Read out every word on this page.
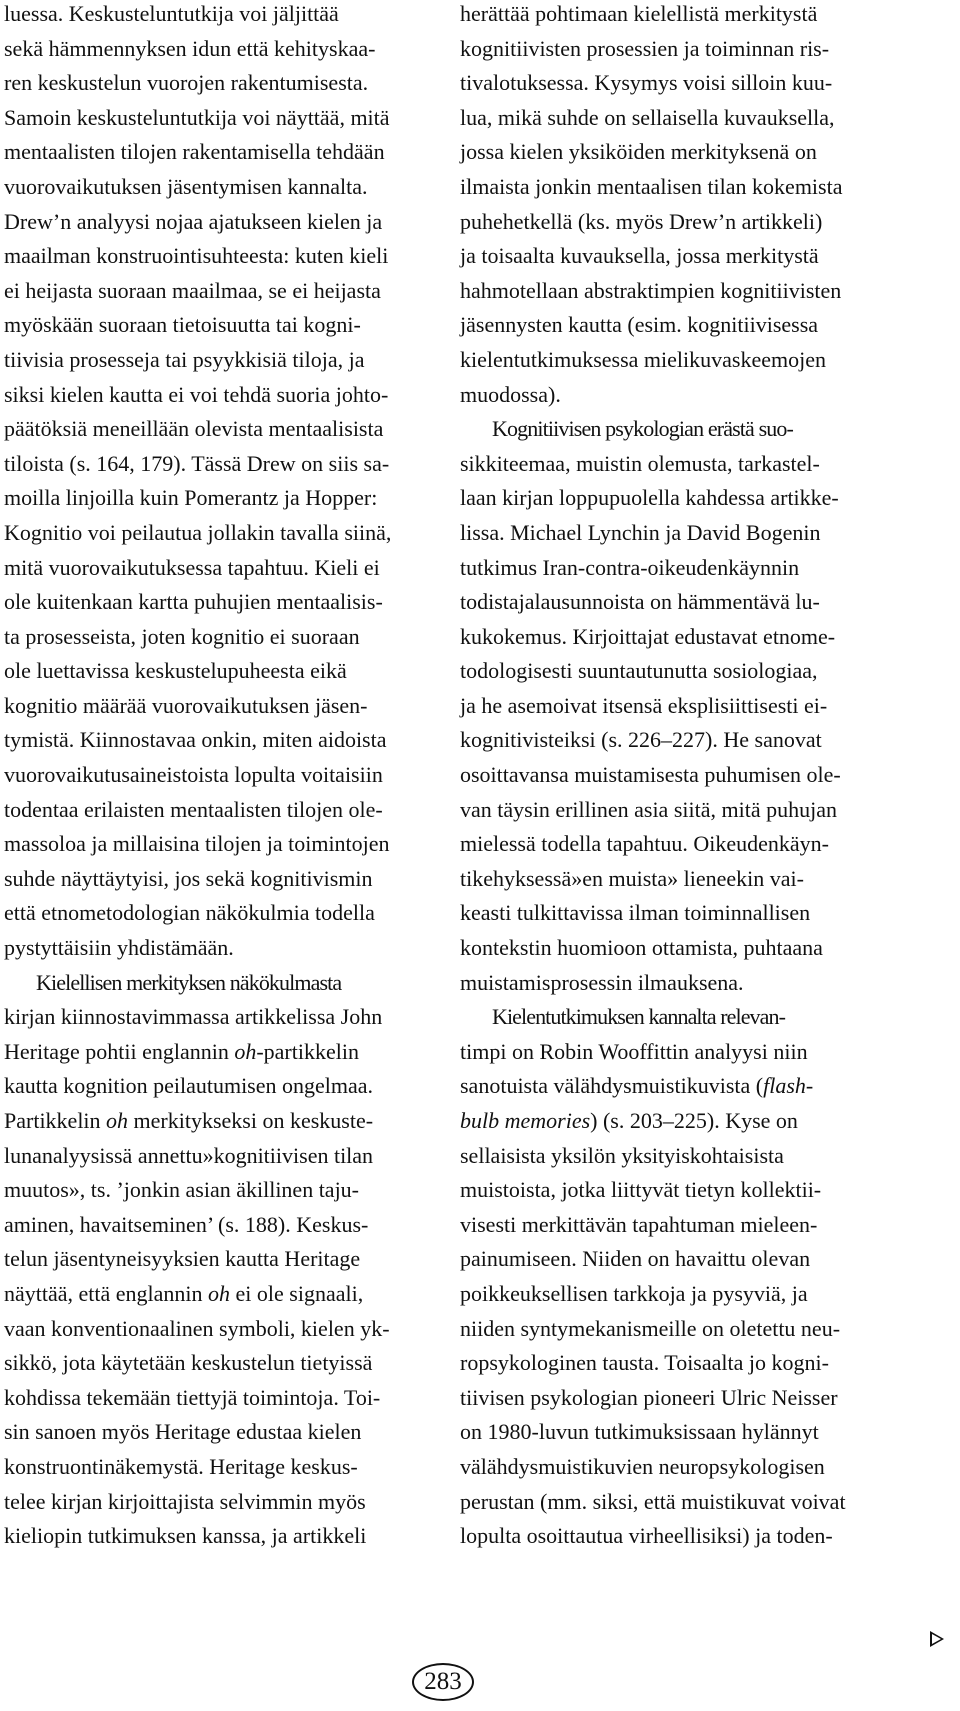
luessa. Keskusteluntutkija voi jäljittää
sekä hämmennyksen idun että kehityskaa-
ren keskustelun vuorojen rakentumisesta.
Samoin keskusteluntutkija voi näyttää, mitä
mentaalisten tilojen rakentamisella tehdään
vuorovaikutuksen jäsentymisen kannalta.
Drew’n analyysi nojaa ajatukseen kielen ja
maailman konstruointisuhteesta: kuten kieli
ei heijasta suoraan maailmaa, se ei heijasta
myöskään suoraan tietoisuutta tai kogni-
tiivisia prosesseja tai psyykkisiä tiloja, ja
siksi kielen kautta ei voi tehdä suoria johto-
päätöksiä meneillään olevista mentaalisista
tiloista (s. 164, 179). Tässä Drew on siis sa-
moilla linjoilla kuin Pomerantz ja Hopper:
Kognitio voi peilautua jollakin tavalla siinä,
mitä vuorovaikutuksessa tapahtuu. Kieli ei
ole kuitenkaan kartta puhujien mentaalisis-
ta prosesseista, joten kognitio ei suoraan
ole luettavissa keskustelupuheesta eikä
kognitio määrää vuorovaikutuksen jäsen-
tymistä. Kiinnostavaa onkin, miten aidoista
vuorovaikutusaineistoista lopulta voitaisiin
todentaa erilaisten mentaalisten tilojen ole-
massoloa ja millaisina tilojen ja toimintojen
suhde näyttäytyisi, jos sekä kognitivismin
että etnometodologian näkökulmia todella
pystyttäisiin yhdistämään.
Kielellisen merkityksen näkökulmasta
kirjan kiinnostavimmassa artikkelissa John
Heritage pohtii englannin oh-partikkelin
kautta kognition peilautumisen ongelmaa.
Partikkelin oh merkitykseksi on keskuste-
lunanalyysissä annettu»kognitiivisen tilan
muutos», ts. ’jonkin asian äkillinen taju-
aminen, havaitseminen’ (s. 188). Keskus-
telun jäsentyneisyyksien kautta Heritage
näyttää, että englannin oh ei ole signaali,
vaan konventionaalinen symboli, kielen yk-
sikkö, jota käytetään keskustelun tietyissä
kohdissa tekemään tiettyjä toimintoja. Toi-
sin sanoen myös Heritage edustaa kielen
konstruontinäkemystä. Heritage keskus-
telee kirjan kirjoittajista selvimmin myös
kieliopin tutkimuksen kanssa, ja artikkeli
herättää pohtimaan kielellistä merkitystä
kognitiivisten prosessien ja toiminnan ris-
tivalotuksessa. Kysymys voisi silloin kuu-
lua, mikä suhde on sellaisella kuvauksella,
jossa kielen yksiköiden merkityksenä on
ilmaista jonkin mentaalisen tilan kokemista
puhehetkellä (ks. myös Drew’n artikkeli)
ja toisaalta kuvauksella, jossa merkitystä
hahmotellaan abstraktimpien kognitiivisten
jäsennysten kautta (esim. kognitiivisessa
kielentutkimuksessa mielikuvaskeemojen
muodossa).
Kognitiivisen psykologian erästä suo-
sikkiteemaa, muistin olemusta, tarkastel-
laan kirjan loppupuolella kahdessa artikke-
lissa. Michael Lynchin ja David Bogenin
tutkimus Iran-contra-oikeudenkäynnin
todistajalausunnoista on hämmentävä lu-
kukokemus. Kirjoittajat edustavat etnome-
todologisesti suuntautunutta sosiologiaa,
ja he asemoivat itsensä eksplisiittisesti ei-
kognitivisteiksi (s. 226–227). He sanovat
osoittavansa muistamisesta puhumisen ole-
van täysin erillinen asia siitä, mitä puhujan
mielessä todella tapahtuu. Oikeudenkäyn-
tikehyksessä»en muista» lieneekin vai-
keasti tulkittavissa ilman toiminnallisen
kontekstin huomioon ottamista, puhtaana
muistamisprosessin ilmauksena.
Kielentutkimuksen kannalta relevan-
timpi on Robin Wooffittin analyysi niin
sanotuista välähdysmuistikuvista (flash-
bulb memories) (s. 203–225). Kyse on
sellaisista yksilön yksityiskohtaisista
muistoista, jotka liittyvät tietyn kollektii-
visesti merkittävän tapahtuman mieleen-
painumiseen. Niiden on havaittu olevan
poikkeuksellisen tarkkoja ja pysyviä, ja
niiden syntymekanismeille on oletettu neu-
ropsykologinen tausta. Toisaalta jo kogni-
tiivisen psykologian pioneeri Ulric Neisser
on 1980-luvun tutkimuksissaan hylännyt
välähdysmuistikuvien neuropsykologisen
perustan (mm. siksi, että muistikuvat voivat
lopulta osoittautua virheellisiksi) ja toden-
283
